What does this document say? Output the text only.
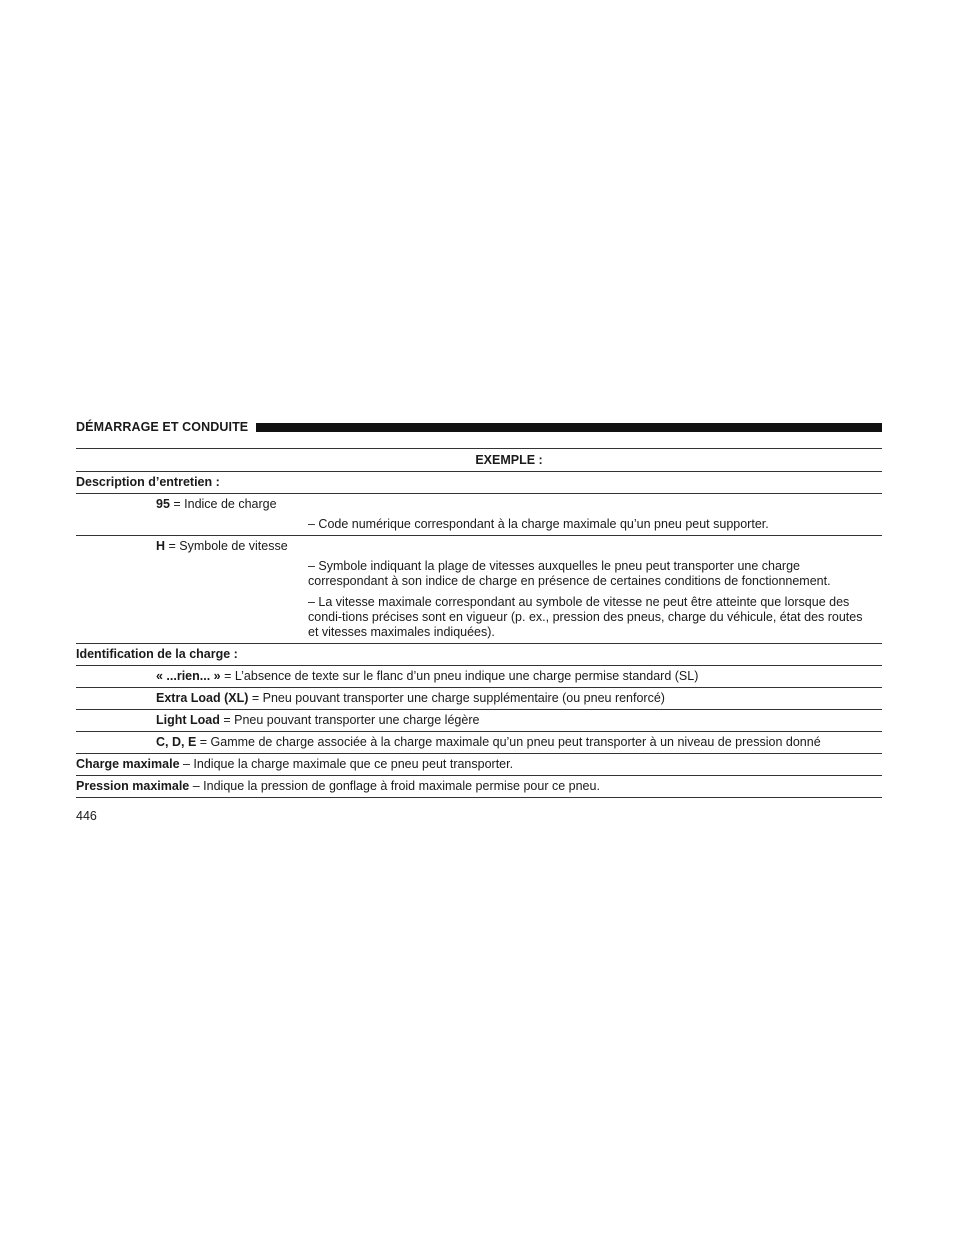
DÉMARRAGE ET CONDUITE
EXEMPLE :
Description d’entretien :

95 = Indice de charge

– Code numérique correspondant à la charge maximale qu’un pneu peut supporter.

H = Symbole de vitesse

– Symbole indiquant la plage de vitesses auxquelles le pneu peut transporter une charge correspondant à son indice de charge en présence de certaines conditions de fonctionnement.

– La vitesse maximale correspondant au symbole de vitesse ne peut être atteinte que lorsque des condi-tions précises sont en vigueur (p. ex., pression des pneus, charge du véhicule, état des routes et vitesses maximales indiquées).

Identification de la charge :
« ...rien... » = L’absence de texte sur le flanc d’un pneu indique une charge permise standard (SL)
Extra Load (XL) = Pneu pouvant transporter une charge supplémentaire (ou pneu renforcé)
Light Load = Pneu pouvant transporter une charge légère
C, D, E = Gamme de charge associée à la charge maximale qu’un pneu peut transporter à un niveau de pression donné
Charge maximale – Indique la charge maximale que ce pneu peut transporter.
Pression maximale – Indique la pression de gonflage à froid maximale permise pour ce pneu.
446
